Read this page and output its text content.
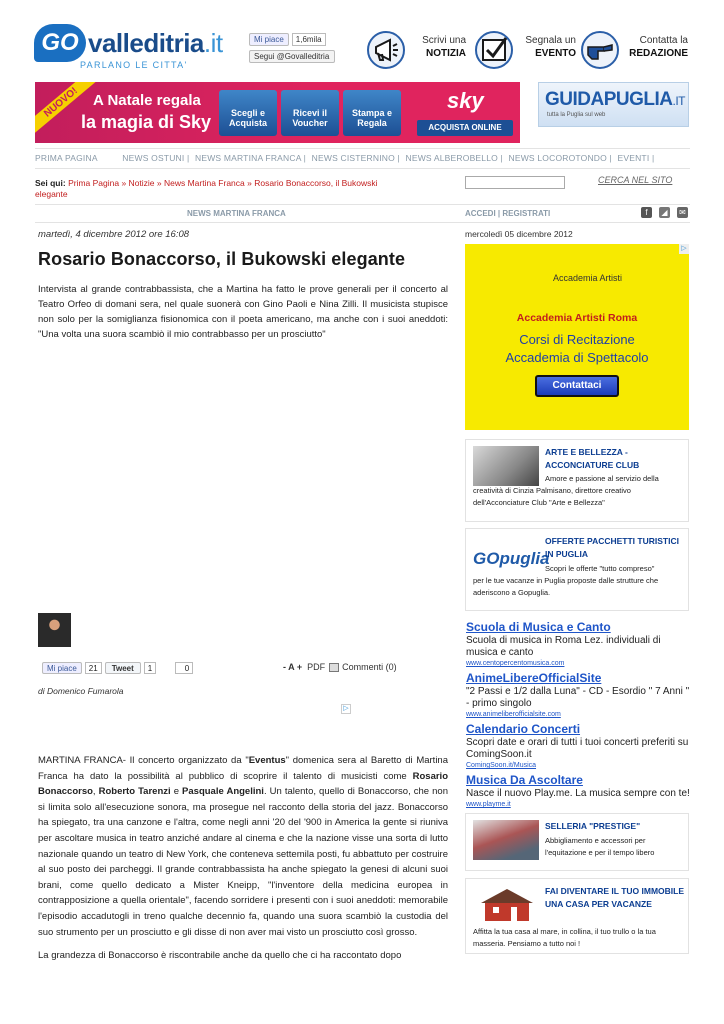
GO valleditria.it
PARLANO LE CITTA'
Mi piace	1,6mila
Segui @Govalleditria
Scrivi una
NOTIZIA
Segnala un
EVENTO
Contatta la
REDAZIONE
NUOVO! A Natale regala
la magia di Sky	Scegli e Acquista
Ricevi il Voucher
Stampa e Regala
sky
ACQUISTA ONLINE
GUIDAPUGLIA.IT
tutta la Puglia sul web
PRIMA PAGINA	NEWS OSTUNI | NEWS MARTINA FRANCA | NEWS CISTERNINO | NEWS ALBEROBELLO | NEWS LOCOROTONDO | EVENTI |
Sei qui: Prima Pagina » Notizie » News Martina Franca » Rosario Bonaccorso, il Bukowski elegante
CERCA NEL SITO
NEWS MARTINA FRANCA	ACCEDI | REGISTRATI	f	◢	✉
martedì, 4 dicembre 2012 ore 16:08
Rosario Bonaccorso, il Bukowski elegante
Intervista al grande contrabbassista, che a Martina ha fatto le prove generali per il concerto al Teatro Orfeo di domani sera, nel quale suonerà con Gino Paoli e Nina Zilli. Il musicista stupisce non solo per la somiglianza fisionomica con il poeta americano, ma anche con i suoi aneddoti: "Una volta una suora scambiò il mio contrabbasso per un prosciutto"
Mi piace	21	Tweet	1	0	- A + PDF Commenti (0)
di Domenico Fumarola
▷

MARTINA FRANCA- Il concerto organizzato da "Eventus" domenica sera al Baretto di Martina Franca ha dato la possibilità al pubblico di scoprire il talento di musicisti come Rosario Bonaccorso, Roberto Tarenzi e Pasquale Angelini. Un talento, quello di Bonaccorso, che non si limita solo all'esecuzione sonora, ma prosegue nel racconto della storia del jazz. Bonaccorso ha spiegato, tra una canzone e l'altra, come negli anni '20 del '900 in America la gente si riuniva per ascoltare musica in teatro anziché andare al cinema e che la nazione visse una sorta di lutto nazionale quando un teatro di New York, che conteneva settemila posti, fu abbattuto per costruire al suo posto dei parcheggi. Il grande contrabbassista ha anche spiegato la genesi di alcuni suoi brani, come quello dedicato a Mister Kneipp, "l'inventore della medicina europea in contrapposizione a quella orientale", facendo sorridere i presenti con i suoi aneddoti: memorabile l'episodio accadutogli in treno qualche decennio fa, quando una suora scambiò la custodia del suo strumento per un prosciutto e gli disse di non aver mai visto un prosciutto così grosso.

La grandezza di Bonaccorso è riscontrabile anche da quello che ci ha raccontato dopo

mercoledì 05 dicembre 2012
▷
Accademia Artisti
Accademia Artisti Roma
Corsi di Recitazione
Accademia di Spettacolo
Contattaci
ARTE E BELLEZZA - ACCONCIATURE CLUB
Amore e passione al servizio della
creatività di Cinzia Palmisano, direttore creativo dell'Acconciature Club "Arte e Bellezza"
GOpuglia
OFFERTE PACCHETTI TURISTICI IN PUGLIA
Scopri le offerte "tutto compreso"
per le tue vacanze in Puglia proposte dalle strutture che aderiscono a Gopuglia.
Scuola di Musica e Canto
Scuola di musica in Roma Lez. individuali di musica e canto
www.centopercentomusica.com
AnimeLibereOfficialSite
"2 Passi e 1/2 dalla Luna" - CD - Esordio " 7 Anni " - primo singolo
www.animeliberofficialsite.com
Calendario Concerti
Scopri date e orari di tutti i tuoi concerti preferiti su ComingSoon.it
ComingSoon.it/Musica
Musica Da Ascoltare
Nasce il nuovo Play.me. La musica sempre con te!
www.playme.it
SELLERIA "PRESTIGE"
Abbigliamento e accessori per l'equitazione e per il tempo libero
FAI DIVENTARE IL TUO IMMOBILE UNA CASA PER VACANZE
Affitta la tua casa al mare, in collina, il tuo trullo o la tua masseria. Pensiamo a tutto noi !
